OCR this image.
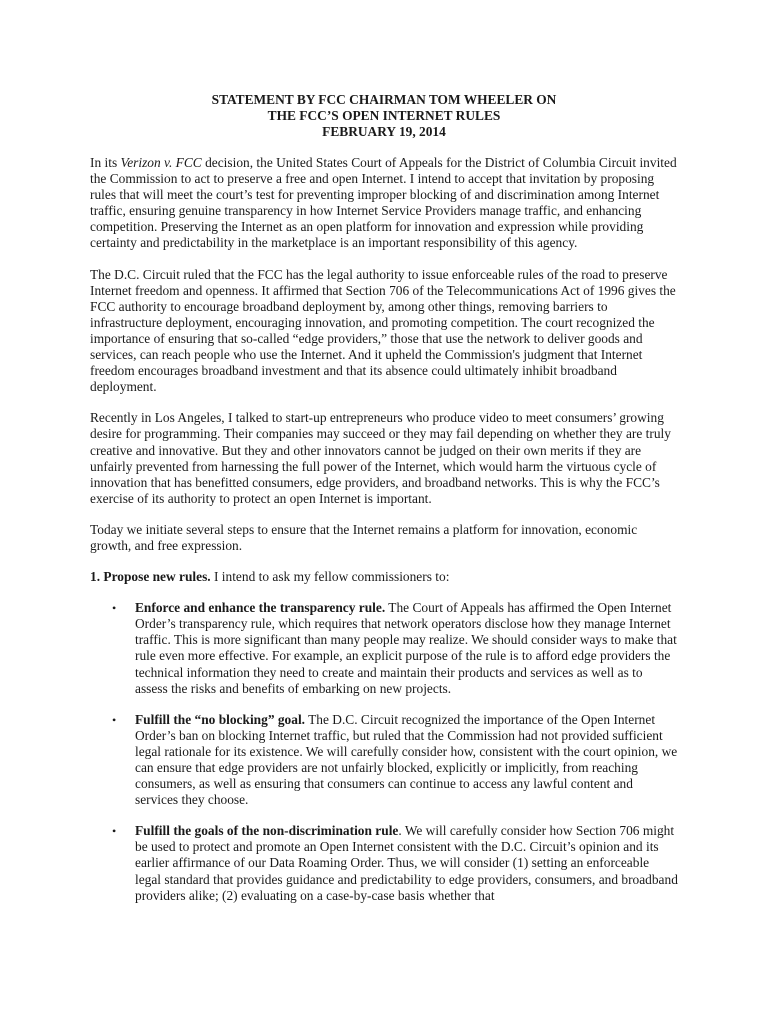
STATEMENT BY FCC CHAIRMAN TOM WHEELER ON
THE FCC’S OPEN INTERNET RULES
FEBRUARY 19, 2014

In its Verizon v. FCC decision, the United States Court of Appeals for the District of Columbia Circuit invited the Commission to act to preserve a free and open Internet. I intend to accept that invitation by proposing rules that will meet the court’s test for preventing improper blocking of and discrimination among Internet traffic, ensuring genuine transparency in how Internet Service Providers manage traffic, and enhancing competition. Preserving the Internet as an open platform for innovation and expression while providing certainty and predictability in the marketplace is an important responsibility of this agency.

The D.C. Circuit ruled that the FCC has the legal authority to issue enforceable rules of the road to preserve Internet freedom and openness. It affirmed that Section 706 of the Telecommunications Act of 1996 gives the FCC authority to encourage broadband deployment by, among other things, removing barriers to infrastructure deployment, encouraging innovation, and promoting competition. The court recognized the importance of ensuring that so-called “edge providers,” those that use the network to deliver goods and services, can reach people who use the Internet. And it upheld the Commission's judgment that Internet freedom encourages broadband investment and that its absence could ultimately inhibit broadband deployment.

Recently in Los Angeles, I talked to start-up entrepreneurs who produce video to meet consumers’ growing desire for programming. Their companies may succeed or they may fail depending on whether they are truly creative and innovative. But they and other innovators cannot be judged on their own merits if they are unfairly prevented from harnessing the full power of the Internet, which would harm the virtuous cycle of innovation that has benefitted consumers, edge providers, and broadband networks. This is why the FCC’s exercise of its authority to protect an open Internet is important.

Today we initiate several steps to ensure that the Internet remains a platform for innovation, economic growth, and free expression.

1. Propose new rules. I intend to ask my fellow commissioners to:
• Enforce and enhance the transparency rule. The Court of Appeals has affirmed the Open Internet Order’s transparency rule, which requires that network operators disclose how they manage Internet traffic. This is more significant than many people may realize. We should consider ways to make that rule even more effective. For example, an explicit purpose of the rule is to afford edge providers the technical information they need to create and maintain their products and services as well as to assess the risks and benefits of embarking on new projects.
• Fulfill the “no blocking” goal. The D.C. Circuit recognized the importance of the Open Internet Order’s ban on blocking Internet traffic, but ruled that the Commission had not provided sufficient legal rationale for its existence. We will carefully consider how, consistent with the court opinion, we can ensure that edge providers are not unfairly blocked, explicitly or implicitly, from reaching consumers, as well as ensuring that consumers can continue to access any lawful content and services they choose.
• Fulfill the goals of the non-discrimination rule. We will carefully consider how Section 706 might be used to protect and promote an Open Internet consistent with the D.C. Circuit’s opinion and its earlier affirmance of our Data Roaming Order. Thus, we will consider (1) setting an enforceable legal standard that provides guidance and predictability to edge providers, consumers, and broadband providers alike; (2) evaluating on a case-by-case basis whether that
